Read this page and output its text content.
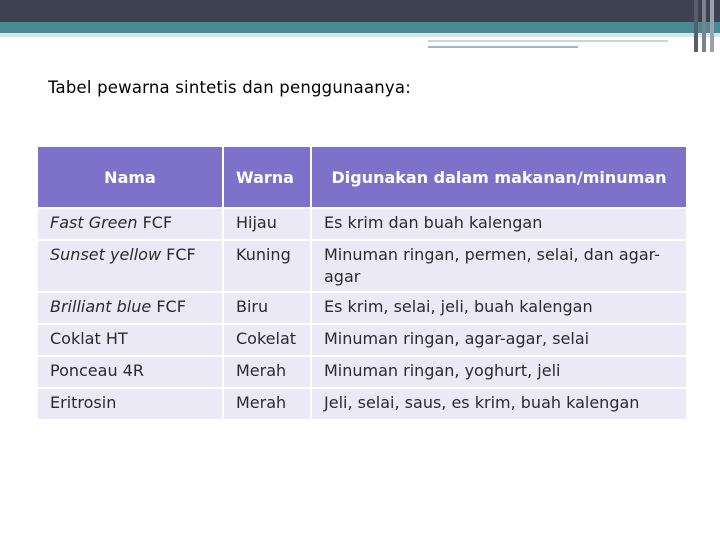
Tabel pewarna sintetis dan penggunaanya:
Nama	Warna	Digunakan dalam makanan/minuman
Fast Green FCF	Hijau	Es krim dan buah kalengan
Sunset yellow FCF	Kuning	Minuman ringan, permen, selai, dan agar-agar
Brilliant blue FCF	Biru	Es krim, selai, jeli, buah kalengan
Coklat HT	Cokelat	Minuman ringan, agar-agar, selai
Ponceau 4R	Merah	Minuman ringan, yoghurt, jeli
Eritrosin	Merah	Jeli, selai, saus, es krim, buah kalengan
